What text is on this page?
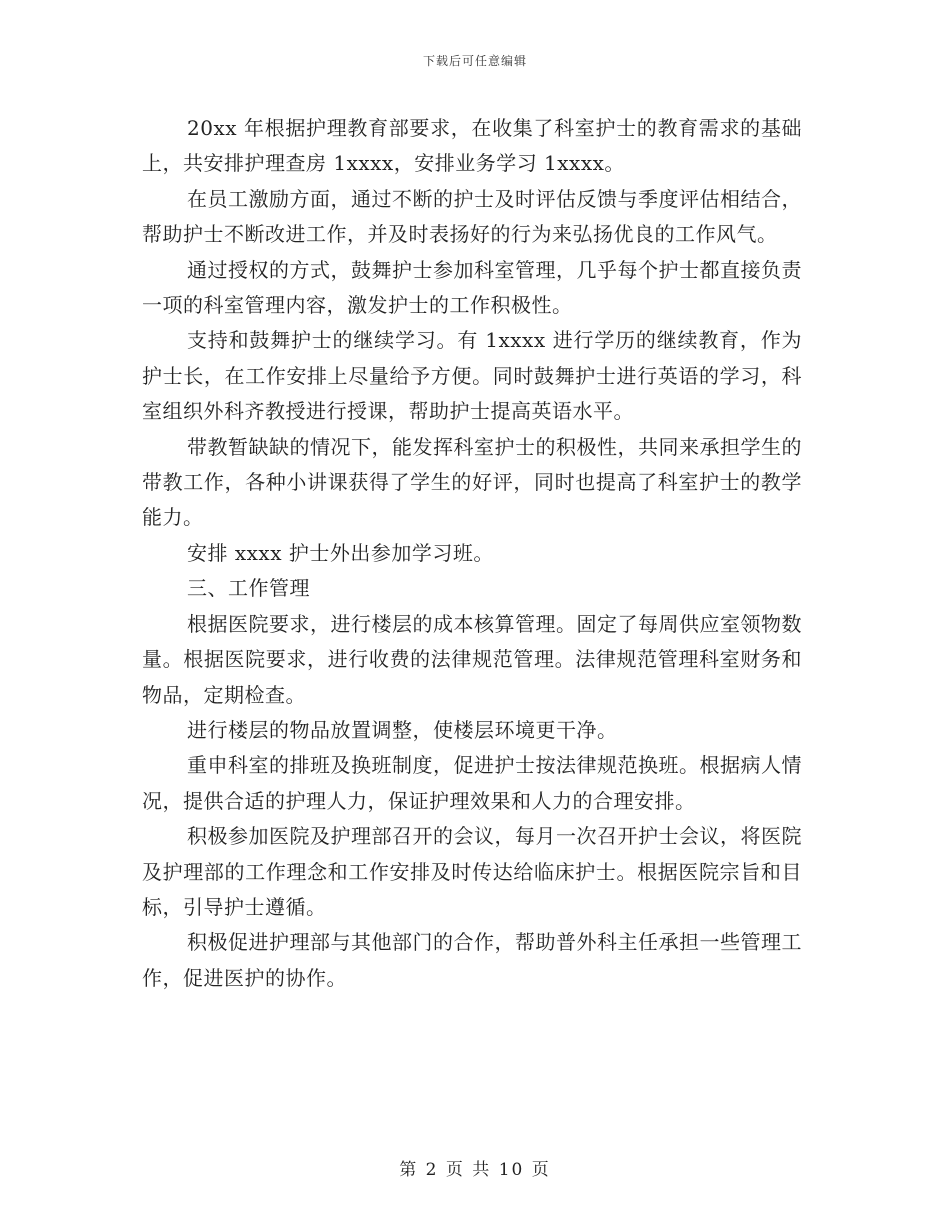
下载后可任意编辑

20xx 年根据护理教育部要求，在收集了科室护士的教育需求的基础上，共安排护理查房 1xxxx，安排业务学习 1xxxx。

在员工激励方面，通过不断的护士及时评估反馈与季度评估相结合，帮助护士不断改进工作，并及时表扬好的行为来弘扬优良的工作风气。

通过授权的方式，鼓舞护士参加科室管理，几乎每个护士都直接负责一项的科室管理内容，激发护士的工作积极性。

支持和鼓舞护士的继续学习。有 1xxxx 进行学历的继续教育，作为护士长，在工作安排上尽量给予方便。同时鼓舞护士进行英语的学习，科室组织外科齐教授进行授课，帮助护士提高英语水平。

带教暂缺缺的情况下，能发挥科室护士的积极性，共同来承担学生的带教工作，各种小讲课获得了学生的好评，同时也提高了科室护士的教学能力。

安排 xxxx 护士外出参加学习班。

三、工作管理

根据医院要求，进行楼层的成本核算管理。固定了每周供应室领物数量。根据医院要求，进行收费的法律规范管理。法律规范管理科室财务和物品，定期检查。

进行楼层的物品放置调整，使楼层环境更干净。

重申科室的排班及换班制度，促进护士按法律规范换班。根据病人情况，提供合适的护理人力，保证护理效果和人力的合理安排。

积极参加医院及护理部召开的会议，每月一次召开护士会议，将医院及护理部的工作理念和工作安排及时传达给临床护士。根据医院宗旨和目标，引导护士遵循。

积极促进护理部与其他部门的合作，帮助普外科主任承担一些管理工作，促进医护的协作。

第 2 页 共 10 页
